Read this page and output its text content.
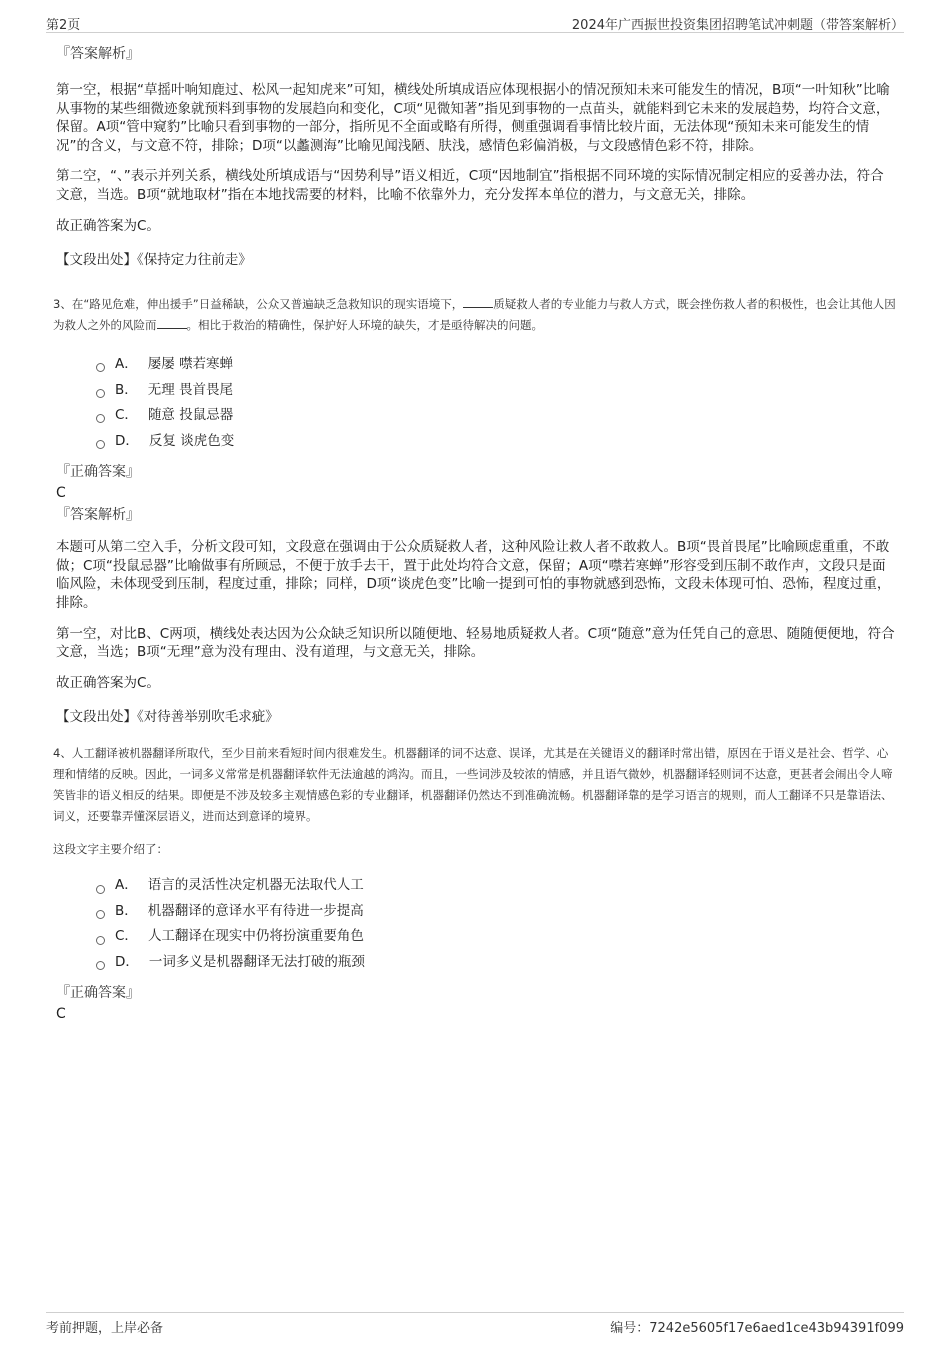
第2页	2024年广西振世投资集团招聘笔试冲刺题（带答案解析）
『答案解析』

第一空，根据“草摇叶响知鹿过、松风一起知虎来”可知，横线处所填成语应体现根据小的情况预知未来可能发生的情况，B项“一叶知秋”比喻从事物的某些细微迹象就预料到事物的发展趋向和变化，C项“见微知著”指见到事物的一点苗头，就能料到它未来的发展趋势，均符合文意，保留。A项“管中窥豹”比喻只看到事物的一部分，指所见不全面或略有所得，侧重强调看事情比较片面，无法体现“预知未来可能发生的情况”的含义，与文意不符，排除；D项“以蠡测海”比喻见闻浅陋、肤浅，感情色彩偏消极，与文段感情色彩不符，排除。

第二空，“、”表示并列关系，横线处所填成语与“因势利导”语义相近，C项“因地制宜”指根据不同环境的实际情况制定相应的妥善办法，符合文意，当选。B项“就地取材”指在本地找需要的材料，比喻不依靠外力，充分发挥本单位的潜力，与文意无关，排除。

故正确答案为C。

【文段出处】《保持定力往前走》

3、在“路见危难，伸出援手”日益稀缺，公众又普遍缺乏急救知识的现实语境下，	质疑救人者的专业能力与救人方式，既会挫伤救人者的积极性，也会让其他人因为救人之外的风险而	。相比于救治的精确性，保护好人环境的缺失，才是亟待解决的问题。
A． 屡屡 噤若寒蝉
B． 无理 畏首畏尾
C． 随意 投鼠忌器
D． 反复 谈虎色变
『正确答案』
C
『答案解析』

本题可从第二空入手，分析文段可知，文段意在强调由于公众质疑救人者，这种风险让救人者不敢救人。B项“畏首畏尾”比喻顾虑重重，不敢做；C项“投鼠忌器”比喻做事有所顾忌，不便于放手去干，置于此处均符合文意，保留；A项“噤若寒蝉”形容受到压制不敢作声，文段只是面临风险，未体现受到压制，程度过重，排除；同样，D项“谈虎色变”比喻一提到可怕的事物就感到恐怖，文段未体现可怕、恐怖，程度过重，排除。

第一空，对比B、C两项，横线处表达因为公众缺乏知识所以随便地、轻易地质疑救人者。C项“随意”意为任凭自己的意思、随随便便地，符合文意，当选；B项“无理”意为没有理由、没有道理，与文意无关，排除。

故正确答案为C。

【文段出处】《对待善举别吹毛求疵》

4、人工翻译被机器翻译所取代，至少目前来看短时间内很难发生。机器翻译的词不达意、误译，尤其是在关键语义的翻译时常出错，原因在于语义是社会、哲学、心理和情绪的反映。因此，一词多义常常是机器翻译软件无法逾越的鸿沟。而且，一些词涉及较浓的情感，并且语气微妙，机器翻译轻则词不达意，更甚者会闹出令人啼笑皆非的语义相反的结果。即便是不涉及较多主观情感色彩的专业翻译，机器翻译仍然达不到准确流畅。机器翻译靠的是学习语言的规则，而人工翻译不只是靠语法、词义，还要靠弄懂深层语义，进而达到意译的境界。
这段文字主要介绍了：
A． 语言的灵活性决定机器无法取代人工
B． 机器翻译的意译水平有待进一步提高
C． 人工翻译在现实中仍将扮演重要角色
D． 一词多义是机器翻译无法打破的瓶颈
『正确答案』
C
考前押题，上岸必备	编号：7242e5605f17e6aed1ce43b94391f099
